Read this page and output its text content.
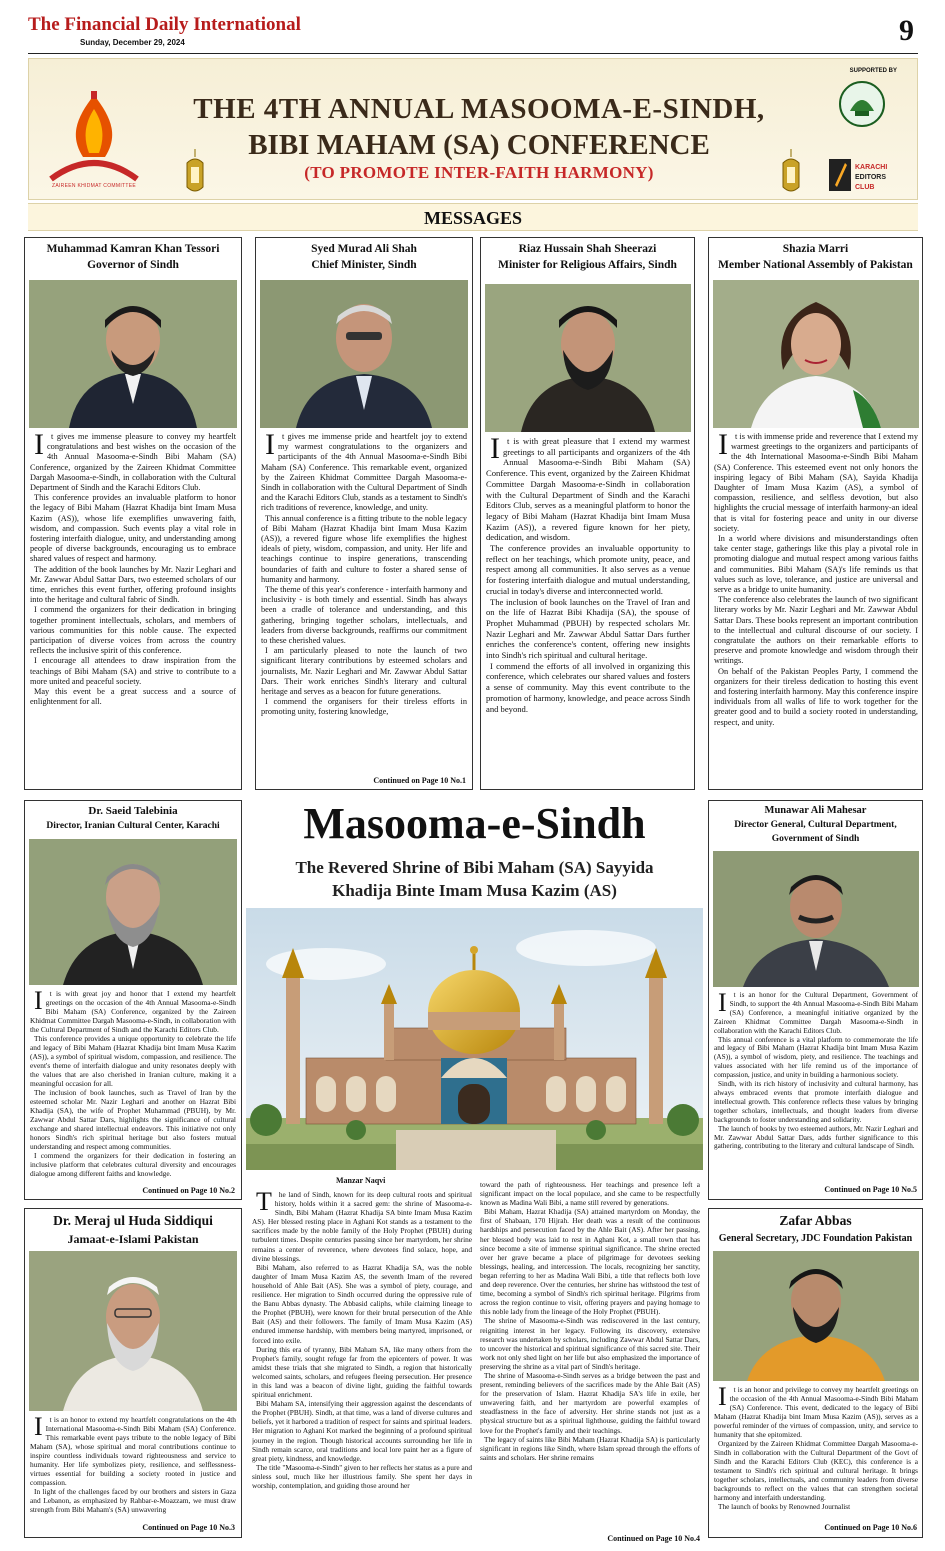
The Financial Daily International
Sunday, December 29, 2024	9
ZAIREEN KHIDMAT COMMITTEE
THE 4TH ANNUAL MASOOMA-E-SINDH,
BIBI MAHAM (SA) CONFERENCE
(TO PROMOTE INTER-FAITH HARMONY)
SUPPORTED BY
KARACHI
EDITORS
CLUB
MESSAGES
Muhammad Kamran Khan Tessori
Governor of Sindh

It gives me immense pleasure to convey my heartfelt congratulations and best wishes on the occasion of the 4th Annual Masooma-e-Sindh Bibi Maham (SA) Conference, organized by the Zaireen Khidmat Committee Dargah Masooma-e-Sindh, in collaboration with the Cultural Department of Sindh and the Karachi Editors Club.

This conference provides an invaluable platform to honor the legacy of Bibi Maham (Hazrat Khadija bint Imam Musa Kazim (AS)), whose life exemplifies unwavering faith, wisdom, and compassion. Such events play a vital role in fostering interfaith dialogue, unity, and understanding among people of diverse backgrounds, encouraging us to embrace shared values of respect and harmony.

The addition of the book launches by Mr. Nazir Leghari and Mr. Zawwar Abdul Sattar Dars, two esteemed scholars of our time, enriches this event further, offering profound insights into the heritage and cultural fabric of Sindh.

I commend the organizers for their dedication in bringing together prominent intellectuals, scholars, and members of various communities for this noble cause. The expected participation of diverse voices from across the country reflects the inclusive spirit of this conference.

I encourage all attendees to draw inspiration from the teachings of Bibi Maham (SA) and strive to contribute to a more united and peaceful society.

May this event be a great success and a source of enlightenment for all.

Syed Murad Ali Shah
Chief Minister, Sindh

It gives me immense pride and heartfelt joy to extend my warmest congratulations to the organizers and participants of the 4th Annual Masooma-e-Sindh Bibi Maham (SA) Conference. This remarkable event, organized by the Zaireen Khidmat Committee Dargah Masooma-e-Sindh in collaboration with the Cultural Department of Sindh and the Karachi Editors Club, stands as a testament to Sindh's rich traditions of reverence, knowledge, and unity.

This annual conference is a fitting tribute to the noble legacy of Bibi Maham (Hazrat Khadija bint Imam Musa Kazim (AS)), a revered figure whose life exemplifies the highest ideals of piety, wisdom, compassion, and unity. Her life and teachings continue to inspire generations, transcending boundaries of faith and culture to foster a shared sense of humanity and harmony.

The theme of this year's conference - interfaith harmony and inclusivity - is both timely and essential. Sindh has always been a cradle of tolerance and understanding, and this gathering, bringing together scholars, intellectuals, and leaders from diverse backgrounds, reaffirms our commitment to these cherished values.

I am particularly pleased to note the launch of two significant literary contributions by esteemed scholars and journalists, Mr. Nazir Leghari and Mr. Zawwar Abdul Sattar Dars. Their work enriches Sindh's literary and cultural heritage and serves as a beacon for future generations.

I commend the organisers for their tireless efforts in promoting unity, fostering knowledge,

Continued on Page 10 No.1
Riaz Hussain Shah Sheerazi
Minister for Religious Affairs, Sindh

It is with great pleasure that I extend my warmest greetings to all participants and organizers of the 4th Annual Masooma-e-Sindh Bibi Maham (SA) Conference. This event, organized by the Zaireen Khidmat Committee Dargah Masooma-e-Sindh in collaboration with the Cultural Department of Sindh and the Karachi Editors Club, serves as a meaningful platform to honor the legacy of Bibi Maham (Hazrat Khadija bint Imam Musa Kazim (AS)), a revered figure known for her piety, dedication, and wisdom.

The conference provides an invaluable opportunity to reflect on her teachings, which promote unity, peace, and respect among all communities. It also serves as a venue for fostering interfaith dialogue and mutual understanding, crucial in today's diverse and interconnected world.

The inclusion of book launches on the Travel of Iran and on the life of Hazrat Bibi Khadija (SA), the spouse of Prophet Muhammad (PBUH) by respected scholars Mr. Nazir Leghari and Mr. Zawwar Abdul Sattar Dars further enriches the conference's content, offering new insights into Sindh's rich spiritual and cultural heritage.

I commend the efforts of all involved in organizing this conference, which celebrates our shared values and fosters a sense of community. May this event contribute to the promotion of harmony, knowledge, and peace across Sindh and beyond.

Shazia Marri
Member National Assembly of Pakistan

It is with immense pride and reverence that I extend my warmest greetings to the organizers and participants of the 4th International Masooma-e-Sindh Bibi Maham (SA) Conference. This esteemed event not only honors the inspiring legacy of Bibi Maham (SA), Sayida Khadija Daughter of Imam Musa Kazim (AS), a symbol of compassion, resilience, and selfless devotion, but also highlights the crucial message of interfaith harmony-an ideal that is vital for fostering peace and unity in our diverse society.

In a world where divisions and misunderstandings often take center stage, gatherings like this play a pivotal role in promoting dialogue and mutual respect among various faiths and communities. Bibi Maham (SA)'s life reminds us that values such as love, tolerance, and justice are universal and serve as a bridge to unite humanity.

The conference also celebrates the launch of two significant literary works by Mr. Nazir Leghari and Mr. Zawwar Abdul Sattar Dars. These books represent an important contribution to the intellectual and cultural discourse of our society. I congratulate the authors on their remarkable efforts to preserve and promote knowledge and wisdom through their writings.

On behalf of the Pakistan Peoples Party, I commend the organizers for their tireless dedication to hosting this event and fostering interfaith harmony. May this conference inspire individuals from all walks of life to work together for the greater good and to build a society rooted in understanding, respect, and unity.

Dr. Saeid Talebinia
Director, Iranian Cultural Center, Karachi

It is with great joy and honor that I extend my heartfelt greetings on the occasion of the 4th Annual Masooma-e-Sindh Bibi Maham (SA) Conference, organized by the Zaireen Khidmat Committee Dargah Masooma-e-Sindh, in collaboration with the Cultural Department of Sindh and the Karachi Editors Club.

This conference provides a unique opportunity to celebrate the life and legacy of Bibi Maham (Hazrat Khadija bint Imam Musa Kazim (AS)), a symbol of spiritual wisdom, compassion, and resilience. The event's theme of interfaith dialogue and unity resonates deeply with the values that are also cherished in Iranian culture, making it a meaningful occasion for all.

The inclusion of book launches, such as Travel of Iran by the esteemed scholar Mr. Nazir Leghari and another on Hazrat Bibi Khadija (SA), the wife of Prophet Muhammad (PBUH), by Mr. Zawwar Abdul Sattar Dars, highlights the significance of cultural exchange and shared intellectual endeavors. This initiative not only honors Sindh's rich spiritual heritage but also fosters mutual understanding and respect among communities.

I commend the organizers for their dedication in fostering an inclusive platform that celebrates cultural diversity and encourages dialogue among different faiths and knowledge.

Continued on Page 10 No.2
Dr. Meraj ul Huda Siddiqui
Jamaat-e-Islami Pakistan

It is an honor to extend my heartfelt congratulations on the 4th International Masooma-e-Sindh Bibi Maham (SA) Conference. This remarkable event pays tribute to the noble legacy of Bibi Maham (SA), whose spiritual and moral contributions continue to inspire countless individuals toward righteousness and service to humanity. Her life symbolizes piety, resilience, and selflessness-virtues essential for building a society rooted in justice and compassion.

In light of the challenges faced by our brothers and sisters in Gaza and Lebanon, as emphasized by Rahbar-e-Moazzam, we must draw strength from Bibi Maham's (SA) unwavering

Continued on Page 10 No.3
Munawar Ali Mahesar
Director General, Cultural Department, Government of Sindh

It is an honor for the Cultural Department, Government of Sindh, to support the 4th Annual Masooma-e-Sindh Bibi Maham (SA) Conference, a meaningful initiative organized by the Zaireen Khidmat Committee Dargah Masooma-e-Sindh in collaboration with the Karachi Editors Club.

This annual conference is a vital platform to commemorate the life and legacy of Bibi Maham (Hazrat Khadija bint Imam Musa Kazim (AS)), a symbol of wisdom, piety, and resilience. The teachings and values associated with her life remind us of the importance of compassion, justice, and unity in building a harmonious society.

Sindh, with its rich history of inclusivity and cultural harmony, has always embraced events that promote interfaith dialogue and intellectual growth. This conference reflects these values by bringing together scholars, intellectuals, and thought leaders from diverse backgrounds to foster understanding and solidarity.

The launch of books by two esteemed authors, Mr. Nazir Leghari and Mr. Zawwar Abdul Sattar Dars, adds further significance to this gathering, contributing to the literary and cultural landscape of Sindh.

Continued on Page 10 No.5
Zafar Abbas
General Secretary, JDC Foundation Pakistan

It is an honor and privilege to convey my heartfelt greetings on the occasion of the 4th Annual Masooma-e-Sindh Bibi Maham (SA) Conference. This event, dedicated to the legacy of Bibi Maham (Hazrat Khadija bint Imam Musa Kazim (AS)), serves as a powerful reminder of the virtues of compassion, unity, and service to humanity that she epitomized.

Organized by the Zaireen Khidmat Committee Dargah Masooma-e-Sindh in collaboration with the Cultural Department of the Govt of Sindh and the Karachi Editors Club (KEC), this conference is a testament to Sindh's rich spiritual and cultural heritage. It brings together scholars, intellectuals, and community leaders from diverse backgrounds to reflect on the values that can strengthen societal harmony and interfaith understanding.

The launch of books by Renowned Journalist

Continued on Page 10 No.6
Masooma-e-Sindh
The Revered Shrine of Bibi Maham (SA) Sayyida
Khadija Binte Imam Musa Kazim (AS)
Manzar Naqvi

The land of Sindh, known for its deep cultural roots and spiritual history, holds within it a sacred gem: the shrine of Masooma-e-Sindh, Bibi Maham (Hazrat Khadija SA binte Imam Musa Kazim AS). Her blessed resting place in Aghani Kot stands as a testament to the sacrifices made by the noble family of the Holy Prophet (PBUH) during turbulent times. Despite centuries passing since her martyrdom, her shrine remains a center of reverence, where devotees find solace, hope, and divine blessings.

Bibi Maham, also referred to as Hazrat Khadija SA, was the noble daughter of Imam Musa Kazim AS, the seventh Imam of the revered household of Ahle Bait (AS). She was a symbol of piety, courage, and resilience. Her migration to Sindh occurred during the oppressive rule of the Banu Abbas dynasty. The Abbasid caliphs, while claiming lineage to the Prophet (PBUH), were known for their brutal persecution of the Ahle Bait (AS) and their followers. The family of Imam Musa Kazim (AS) endured immense hardship, with members being martyred, imprisoned, or forced into exile.

During this era of tyranny, Bibi Maham SA, like many others from the Prophet's family, sought refuge far from the epicenters of power. It was amidst these trials that she migrated to Sindh, a region that historically welcomed saints, scholars, and refugees fleeing persecution. Her presence in this land was a beacon of divine light, guiding the faithful towards spiritual enrichment.

Bibi Maham SA, intensifying their aggression against the descendants of the Prophet (PBUH). Sindh, at that time, was a land of diverse cultures and beliefs, yet it harbored a tradition of respect for saints and spiritual leaders. Her migration to Aghani Kot marked the beginning of a profound spiritual journey in the region. Though historical accounts surrounding her life in Sindh remain scarce, oral traditions and local lore paint her as a figure of great piety, kindness, and knowledge.

The title "Masooma-e-Sindh" given to her reflects her status as a pure and sinless soul, much like her illustrious family. She spent her days in worship, contemplation, and guiding those around her

toward the path of righteousness. Her teachings and presence left a significant impact on the local populace, and she came to be respectfully known as Madina Wali Bibi, a name still revered by generations.

Bibi Maham, Hazrat Khadija (SA) attained martyrdom on Monday, the first of Shabaan, 170 Hijrah. Her death was a result of the continuous hardships and persecution faced by the Ahle Bait (AS). After her passing, her blessed body was laid to rest in Aghani Kot, a small town that has since become a site of immense spiritual significance. The shrine erected over her grave became a place of pilgrimage for devotees seeking blessings, healing, and intercession. The locals, recognizing her sanctity, began referring to her as Madina Wali Bibi, a title that reflects both love and deep reverence. Over the centuries, her shrine has withstood the test of time, becoming a symbol of Sindh's rich spiritual heritage. Pilgrims from across the region continue to visit, offering prayers and paying homage to this noble lady from the lineage of the Holy Prophet (PBUH).

The shrine of Masooma-e-Sindh was rediscovered in the last century, reigniting interest in her legacy. Following its discovery, extensive research was undertaken by scholars, including Zawwar Abdul Sattar Dars, to uncover the historical and spiritual significance of this sacred site. Their work not only shed light on her life but also emphasized the importance of preserving the shrine as a vital part of Sindh's heritage.

The shrine of Masooma-e-Sindh serves as a bridge between the past and present, reminding believers of the sacrifices made by the Ahle Bait (AS) for the preservation of Islam. Hazrat Khadija SA's life in exile, her unwavering faith, and her martyrdom are powerful examples of steadfastness in the face of adversity. Her shrine stands not just as a physical structure but as a spiritual lighthouse, guiding the faithful toward love for the Prophet's family and their teachings.

The legacy of saints like Bibi Maham (Hazrat Khadija SA) is particularly significant in regions like Sindh, where Islam spread through the efforts of saints and scholars. Her shrine remains

Continued on Page 10 No.4
